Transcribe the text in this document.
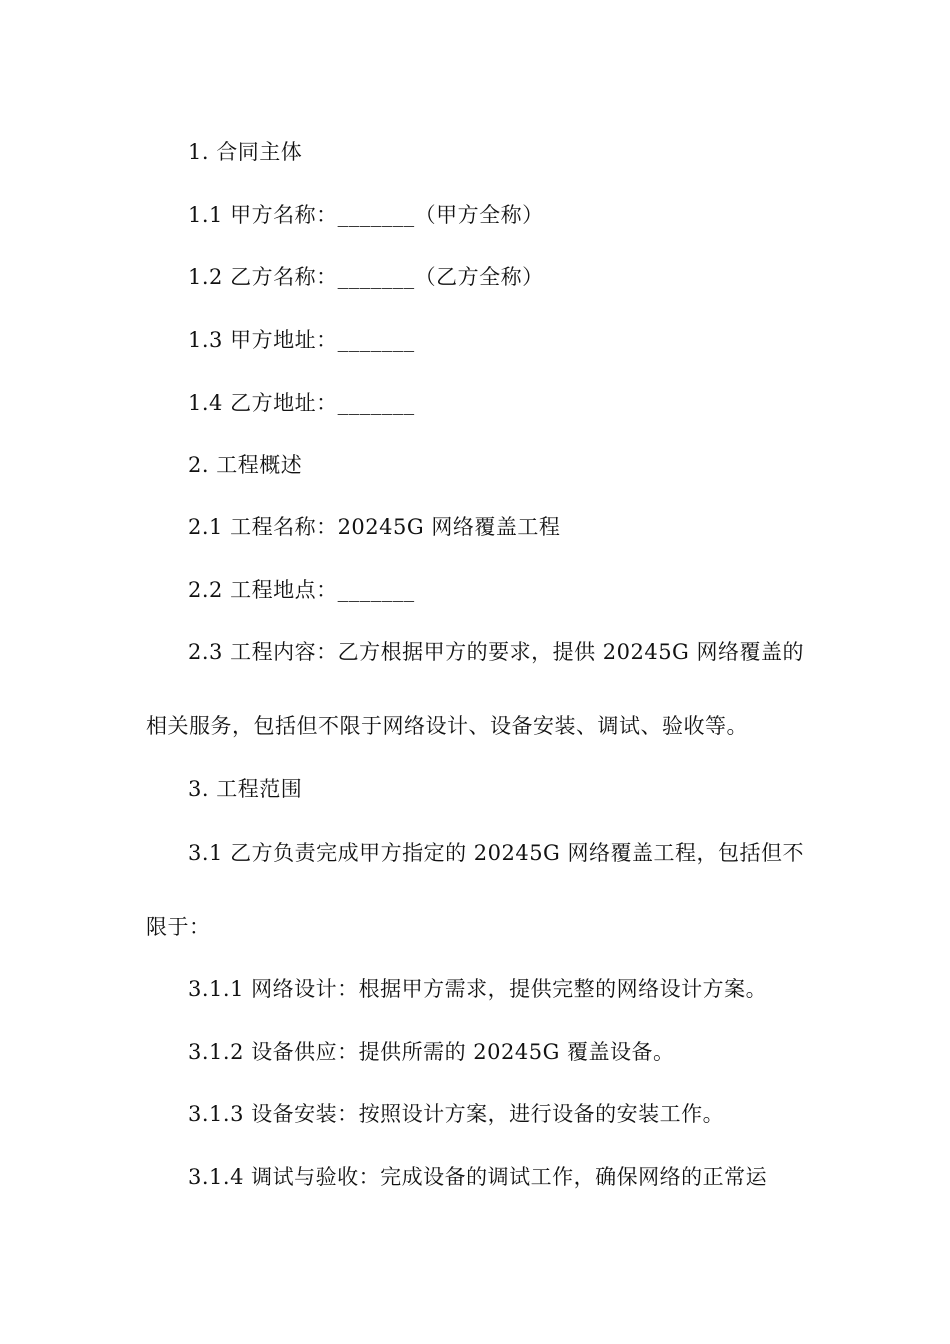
1. 合同主体
1.1 甲方名称：_______（甲方全称）
1.2 乙方名称：_______（乙方全称）
1.3 甲方地址：_______
1.4 乙方地址：_______
2. 工程概述
2.1 工程名称：20245G 网络覆盖工程
2.2 工程地点：_______
2.3 工程内容：乙方根据甲方的要求，提供 20245G 网络覆盖的
相关服务，包括但不限于网络设计、设备安装、调试、验收等。
3. 工程范围
3.1 乙方负责完成甲方指定的 20245G 网络覆盖工程，包括但不
限于：
3.1.1 网络设计：根据甲方需求，提供完整的网络设计方案。
3.1.2 设备供应：提供所需的 20245G 覆盖设备。
3.1.3 设备安装：按照设计方案，进行设备的安装工作。
3.1.4 调试与验收：完成设备的调试工作，确保网络的正常运
